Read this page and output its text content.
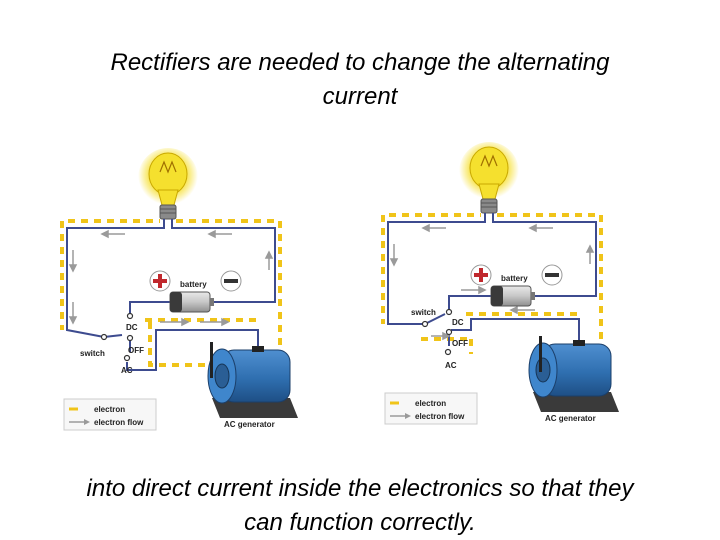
Rectifiers are needed to change the alternating
current
battery
DC
OFF
AC
switch
AC generator
electron
electron flow
battery
DC
OFF
AC
switch
AC generator
electron
electron flow
into direct current inside the electronics so that they
can function correctly.
